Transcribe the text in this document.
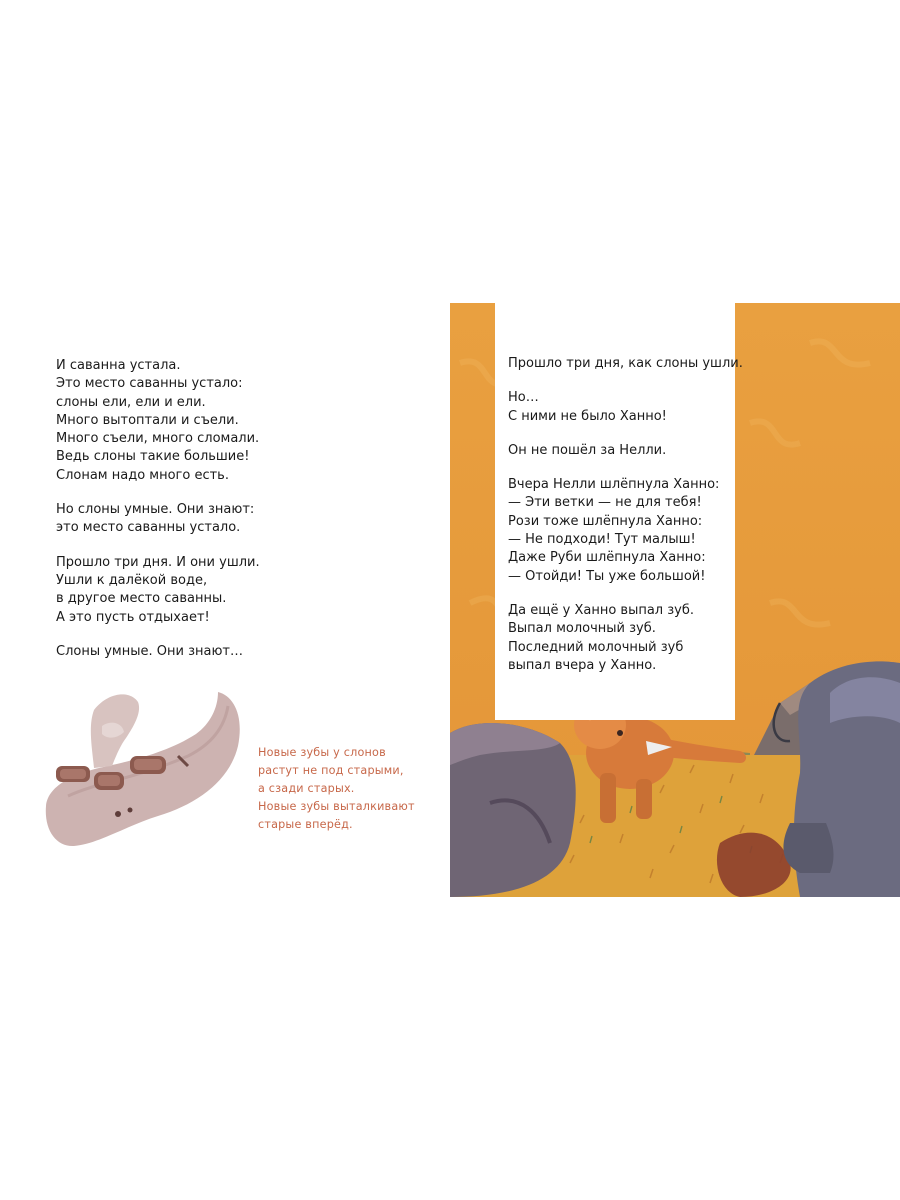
И саванна устала.
Это место саванны устало:
слоны ели, ели и ели.
Много вытоптали и съели.
Много съели, много сломали.
Ведь слоны такие большие!
Слонам надо много есть.

Но слоны умные. Они знают:
это место саванны устало.

Прошло три дня. И они ушли.
Ушли к далёкой воде,
в другое место саванны.
А это пусть отдыхает!

Слоны умные. Они знают…

Новые зубы у слонов
растут не под старыми,
а сзади старых.
Новые зубы выталкивают
старые вперёд.

Прошло три дня, как слоны ушли.

Но…
С ними не было Ханно!

Он не пошёл за Нелли.

Вчера Нелли шлёпнула Ханно:
— Эти ветки — не для тебя!
Рози тоже шлёпнула Ханно:
— Не подходи! Тут малыш!
Даже Руби шлёпнула Ханно:
— Отойди! Ты уже большой!

Да ещё у Ханно выпал зуб.
Выпал молочный зуб.
Последний молочный зуб
выпал вчера у Ханно.
